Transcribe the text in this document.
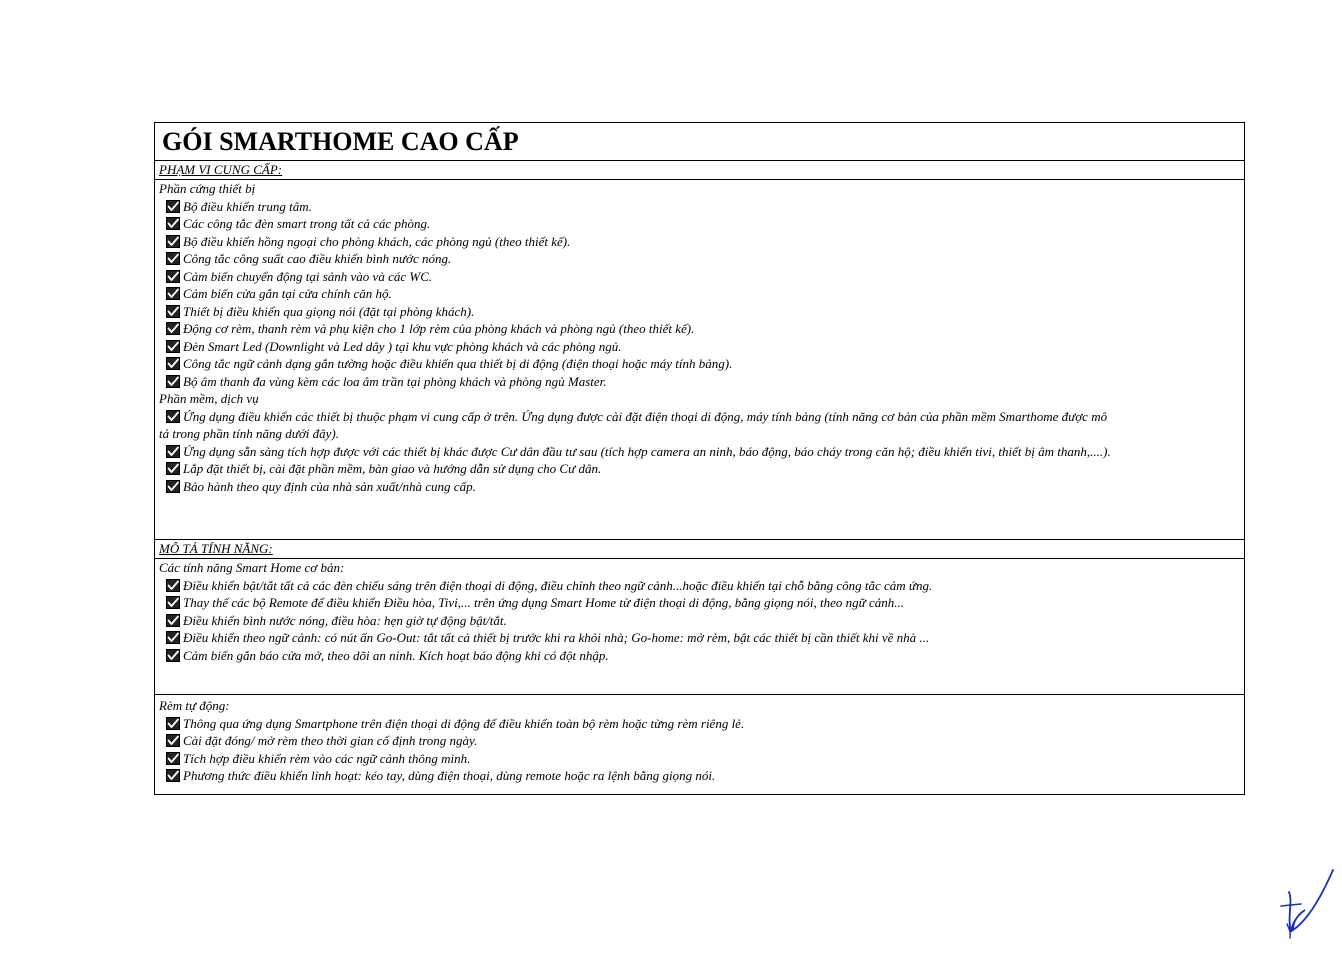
GÓI SMARTHOME CAO CẤP
PHẠM VI CUNG CẤP:
Phần cứng thiết bị
Bộ điều khiển trung tâm.
Các công tắc đèn smart trong tất cả các phòng.
Bộ điều khiển hồng ngoại cho phòng khách, các phòng ngủ (theo thiết kế).
Công tắc công suất cao điều khiển bình nước nóng.
Cảm biến chuyển động tại sảnh vào và các WC.
Cảm biến cửa gắn tại cửa chính căn hộ.
Thiết bị điều khiển qua giọng nói (đặt tại phòng khách).
Động cơ rèm, thanh rèm và phụ kiện cho 1 lớp rèm của phòng khách và phòng ngủ (theo thiết kế).
Đèn Smart Led (Downlight và Led dây ) tại khu vực phòng khách và các phòng ngủ.
Công tắc ngữ cảnh dạng gắn tường hoặc điều khiển qua thiết bị di động (điện thoại hoặc máy tính bảng).
Bộ âm thanh đa vùng kèm các loa âm trần tại phòng khách và phòng ngủ Master.
Phần mềm, dịch vụ
Ứng dụng điều khiển các thiết bị thuộc phạm vi cung cấp ở trên. Ứng dụng được cài đặt điện thoại di động, máy tính bảng (tính năng cơ bản của phần mềm Smarthome được mô
tả trong phần tính năng dưới đây).
Ứng dụng sẵn sàng tích hợp được với các thiết bị khác được Cư dân đầu tư sau (tích hợp camera an ninh, báo động, báo cháy trong căn hộ; điều khiển tivi, thiết bị âm thanh,....).
Lắp đặt thiết bị, cài đặt phần mềm, bàn giao và hướng dẫn sử dụng cho Cư dân.
Bảo hành theo quy định của nhà sản xuất/nhà cung cấp.
MÔ TẢ TÍNH NĂNG:
Các tính năng Smart Home cơ bản:
Điều khiển bật/tắt tất cả các đèn chiếu sáng trên điện thoại di động, điều chỉnh theo ngữ cảnh...hoặc điều khiển tại chỗ bằng công tắc cảm ứng.
Thay thế các bộ Remote để điều khiển Điều hòa, Tivi,... trên ứng dụng Smart Home từ điện thoại di động, bằng giọng nói, theo ngữ cảnh...
Điều khiển bình nước nóng, điều hòa: hẹn giờ tự động bật/tắt.
Điều khiển theo ngữ cảnh: có nút ấn Go-Out: tắt tất cả thiết bị trước khi ra khỏi nhà; Go-home: mở rèm, bật các thiết bị cần thiết khi về nhà ...
Cảm biến gắn báo cửa mở, theo dõi an ninh. Kích hoạt báo động khi có đột nhập.
Rèm tự động:
Thông qua ứng dụng Smartphone trên điện thoại di động để điều khiển toàn bộ rèm hoặc từng rèm riêng lẻ.
Cài đặt đóng/ mở rèm theo thời gian cố định trong ngày.
Tích hợp điều khiển rèm vào các ngữ cảnh thông minh.
Phương thức điều khiển linh hoạt: kéo tay, dùng điện thoại, dùng remote hoặc ra lệnh bằng giọng nói.
